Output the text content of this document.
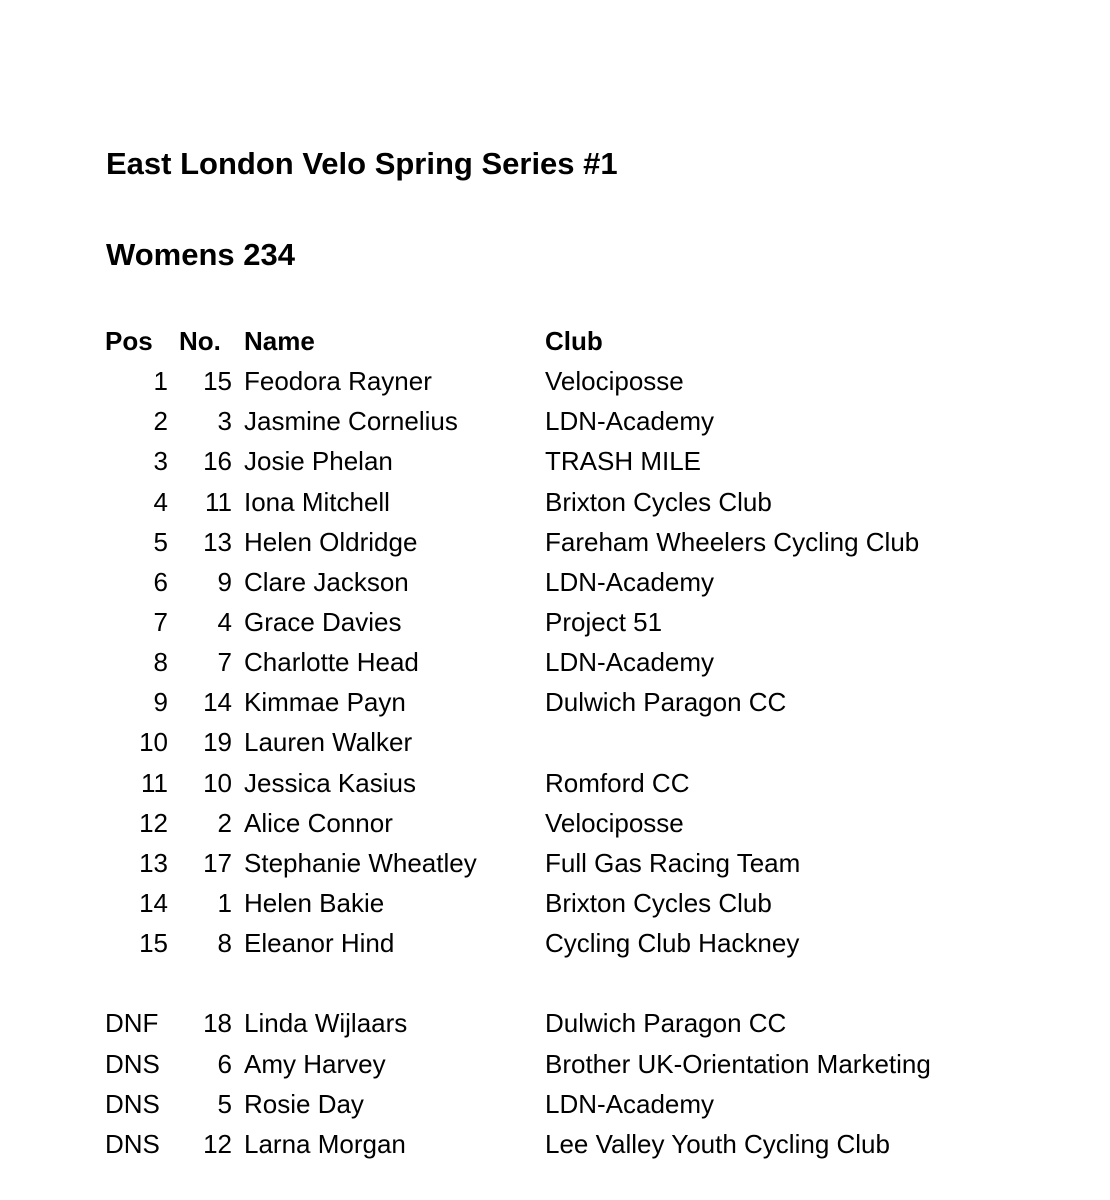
East London Velo Spring Series #1
Womens 234
Pos No. Name	Club
1 15 Feodora Rayner	Velociposse
2 3 Jasmine Cornelius	LDN-Academy
3 16 Josie Phelan	TRASH MILE
4 11 Iona Mitchell	Brixton Cycles Club
5 13 Helen Oldridge	Fareham Wheelers Cycling Club
6 9 Clare Jackson	LDN-Academy
7 4 Grace Davies	Project 51
8 7 Charlotte Head	LDN-Academy
9 14 Kimmae Payn	Dulwich Paragon CC
10 19 Lauren Walker
11 10 Jessica Kasius	Romford CC
12 2 Alice Connor	Velociposse
13 17 Stephanie Wheatley	Full Gas Racing Team
14 1 Helen Bakie	Brixton Cycles Club
15 8 Eleanor Hind	Cycling Club Hackney
DNF 18 Linda Wijlaars	Dulwich Paragon CC
DNS 6 Amy Harvey	Brother UK-Orientation Marketing
DNS 5 Rosie Day	LDN-Academy
DNS 12 Larna Morgan	Lee Valley Youth Cycling Club
